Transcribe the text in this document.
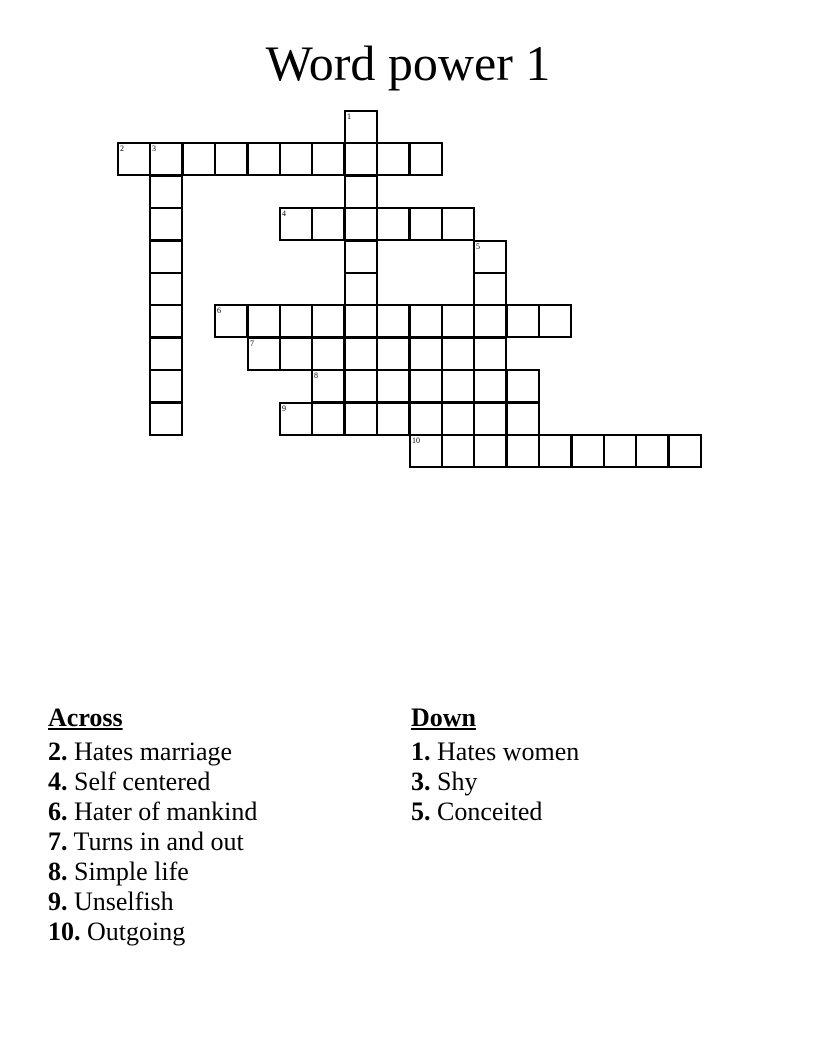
Word power 1
2	3
4
6
7
8
9
10
1
5
Across
2. Hates marriage
4. Self centered
6. Hater of mankind
7. Turns in and out
8. Simple life
9. Unselfish
10. Outgoing
Down
1. Hates women
3. Shy
5. Conceited
